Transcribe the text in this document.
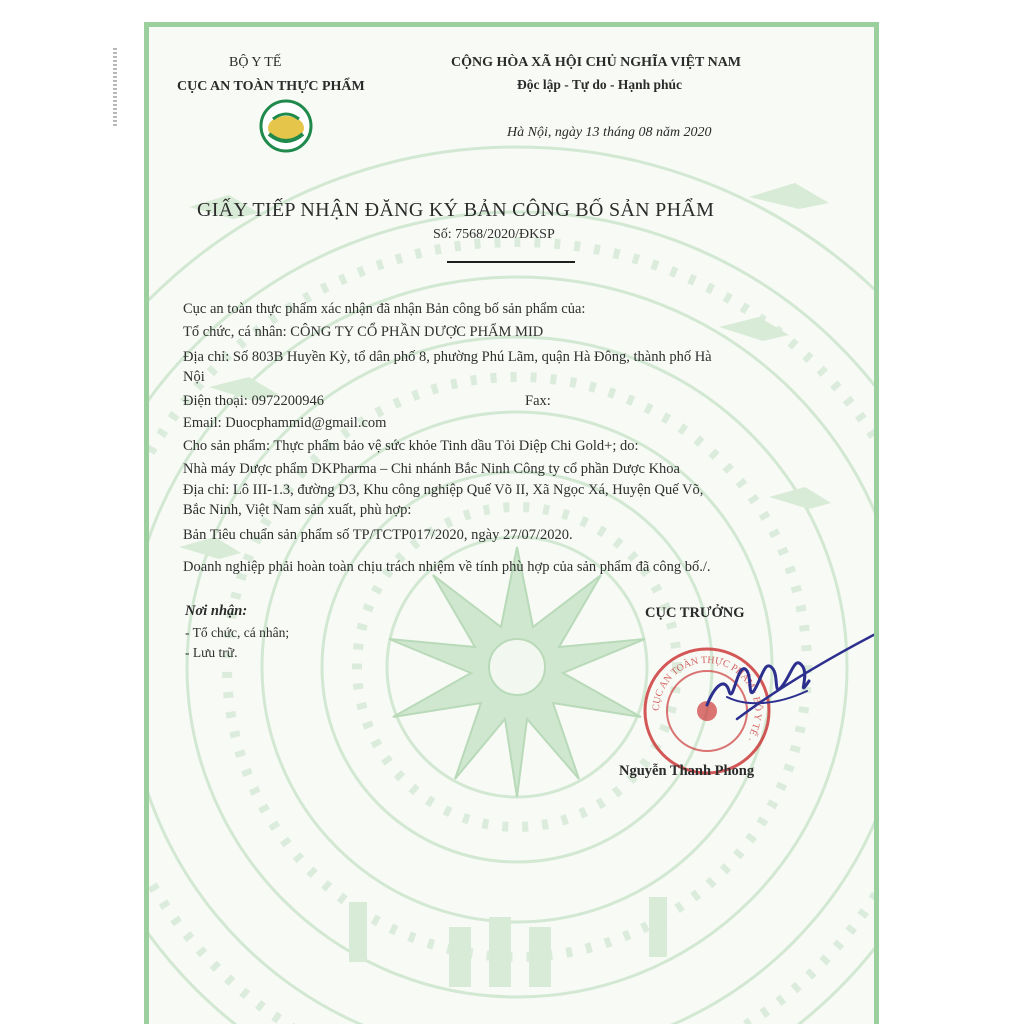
BỘ Y TẾ
CỤC AN TOÀN THỰC PHẨM
CỘNG HÒA XÃ HỘI CHỦ NGHĨA VIỆT NAM
Độc lập - Tự do - Hạnh phúc
Hà Nội, ngày 13 tháng 08 năm 2020
GIẤY TIẾP NHẬN ĐĂNG KÝ BẢN CÔNG BỐ SẢN PHẨM
Số: 7568/2020/ĐKSP
Cục an toàn thực phẩm xác nhận đã nhận Bản công bố sản phẩm của:
Tổ chức, cá nhân: CÔNG TY CỔ PHẦN DƯỢC PHẨM MID
Địa chỉ: Số 803B Huyền Kỳ, tổ dân phố 8, phường Phú Lãm, quận Hà Đông, thành phố Hà
Nội
Điện thoại: 0972200946	Fax:
Email: Duocphammid@gmail.com
Cho sản phẩm: Thực phẩm bảo vệ sức khỏe Tinh dầu Tỏi Diệp Chi Gold+; do:
Nhà máy Dược phẩm DKPharma – Chi nhánh Bắc Ninh Công ty cổ phần Dược Khoa
Địa chỉ: Lô III-1.3, đường D3, Khu công nghiệp Quế Võ II, Xã Ngọc Xá, Huyện Quế Võ,
Bắc Ninh, Việt Nam sản xuất, phù hợp:
Bản Tiêu chuẩn sản phẩm số TP/TCTP017/2020, ngày 27/07/2020.
Doanh nghiệp phải hoàn toàn chịu trách nhiệm về tính phù hợp của sản phẩm đã công bố./.
Nơi nhận:
- Tổ chức, cá nhân;
- Lưu trữ.
CỤC TRƯỞNG
CỤC AN TOÀN THỰC PHẨM · BỘ Y TẾ ·
Nguyễn Thanh Phong
